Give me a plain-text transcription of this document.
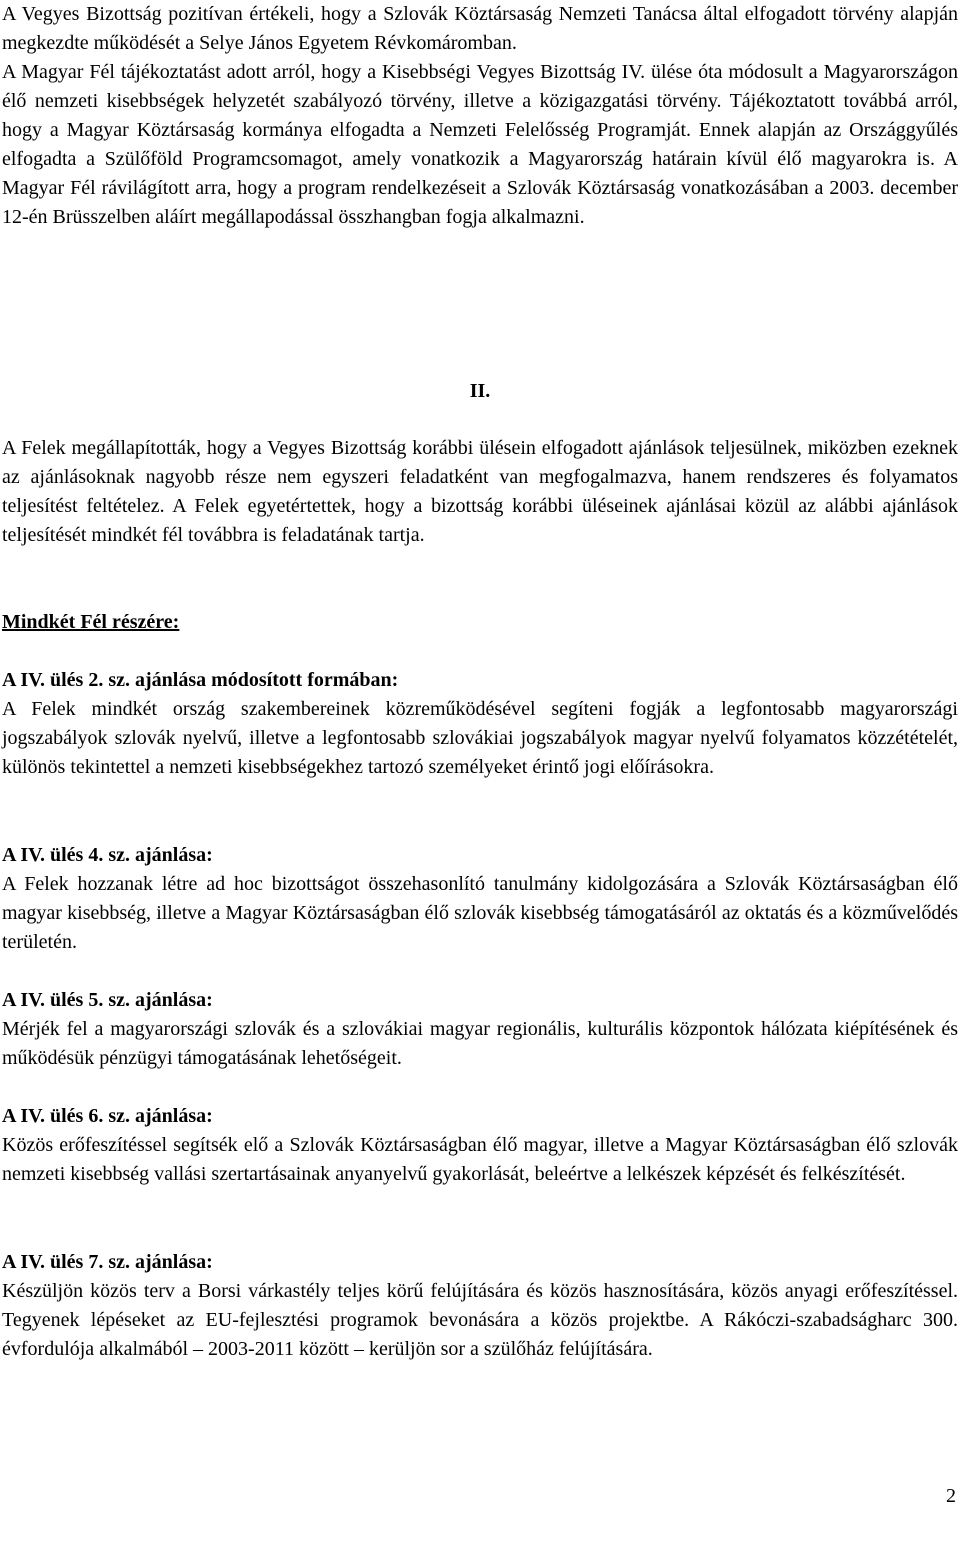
A Vegyes Bizottság pozitívan értékeli, hogy a Szlovák Köztársaság Nemzeti Tanácsa által elfogadott törvény alapján megkezdte működését a Selye János Egyetem Révkomáromban.

A Magyar Fél tájékoztatást adott arról, hogy a Kisebbségi Vegyes Bizottság IV. ülése óta módosult a Magyarországon élő nemzeti kisebbségek helyzetét szabályozó törvény, illetve a közigazgatási törvény. Tájékoztatott továbbá arról, hogy a Magyar Köztársaság kormánya elfogadta a Nemzeti Felelősség Programját. Ennek alapján az Országgyűlés elfogadta a Szülőföld Programcsomagot, amely vonatkozik a Magyarország határain kívül élő magyarokra is. A Magyar Fél rávilágított arra, hogy a program rendelkezéseit a Szlovák Köztársaság vonatkozásában a 2003. december 12-én Brüsszelben aláírt megállapodással összhangban fogja alkalmazni.

II.

A Felek megállapították, hogy a Vegyes Bizottság korábbi ülésein elfogadott ajánlások teljesülnek, miközben ezeknek az ajánlásoknak nagyobb része nem egyszeri feladatként van megfogalmazva, hanem rendszeres és folyamatos teljesítést feltételez. A Felek egyetértettek, hogy a bizottság korábbi üléseinek ajánlásai közül az alábbi ajánlások teljesítését mindkét fél továbbra is feladatának tartja.

Mindkét Fél részére:

A IV. ülés 2. sz. ajánlása módosított formában:

A Felek mindkét ország szakembereinek közreműködésével segíteni fogják a legfontosabb magyarországi jogszabályok szlovák nyelvű, illetve a legfontosabb szlovákiai jogszabályok magyar nyelvű folyamatos közzétételét, különös tekintettel a nemzeti kisebbségekhez tartozó személyeket érintő jogi előírásokra.

A IV. ülés 4. sz. ajánlása:

A Felek hozzanak létre ad hoc bizottságot összehasonlító tanulmány kidolgozására a Szlovák Köztársaságban élő magyar kisebbség, illetve a Magyar Köztársaságban élő szlovák kisebbség támogatásáról az oktatás és a közművelődés területén.

A IV. ülés 5. sz. ajánlása:

Mérjék fel a magyarországi szlovák és a szlovákiai magyar regionális, kulturális központok hálózata kiépítésének és működésük pénzügyi támogatásának lehetőségeit.

A IV. ülés 6. sz. ajánlása:

Közös erőfeszítéssel segítsék elő a Szlovák Köztársaságban élő magyar, illetve a Magyar Köztársaságban élő szlovák nemzeti kisebbség vallási szertartásainak anyanyelvű gyakorlását, beleértve a lelkészek képzését és felkészítését.

A IV. ülés 7. sz. ajánlása:

Készüljön közös terv a Borsi várkastély teljes körű felújítására és közös hasznosítására, közös anyagi erőfeszítéssel. Tegyenek lépéseket az EU-fejlesztési programok bevonására a közös projektbe. A Rákóczi-szabadságharc 300. évfordulója alkalmából – 2003-2011 között – kerüljön sor a szülőház felújítására.

2
